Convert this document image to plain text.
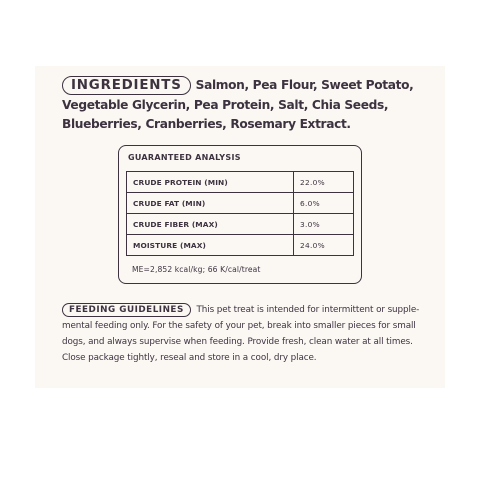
INGREDIENTS Salmon, Pea Flour, Sweet Potato, Vegetable Glycerin, Pea Protein, Salt, Chia Seeds, Blueberries, Cranberries, Rosemary Extract.
GUARANTEED ANALYSIS
CRUDE PROTEIN (MIN)	22.0%
CRUDE FAT (MIN)	6.0%
CRUDE FIBER (MAX)	3.0%
MOISTURE (MAX)	24.0%
ME=2,852 kcal/kg; 66 K/cal/treat
FEEDING GUIDELINES This pet treat is intended for intermittent or supple-mental feeding only. For the safety of your pet, break into smaller pieces for small dogs, and always supervise when feeding. Provide fresh, clean water at all times. Close package tightly, reseal and store in a cool, dry place.
